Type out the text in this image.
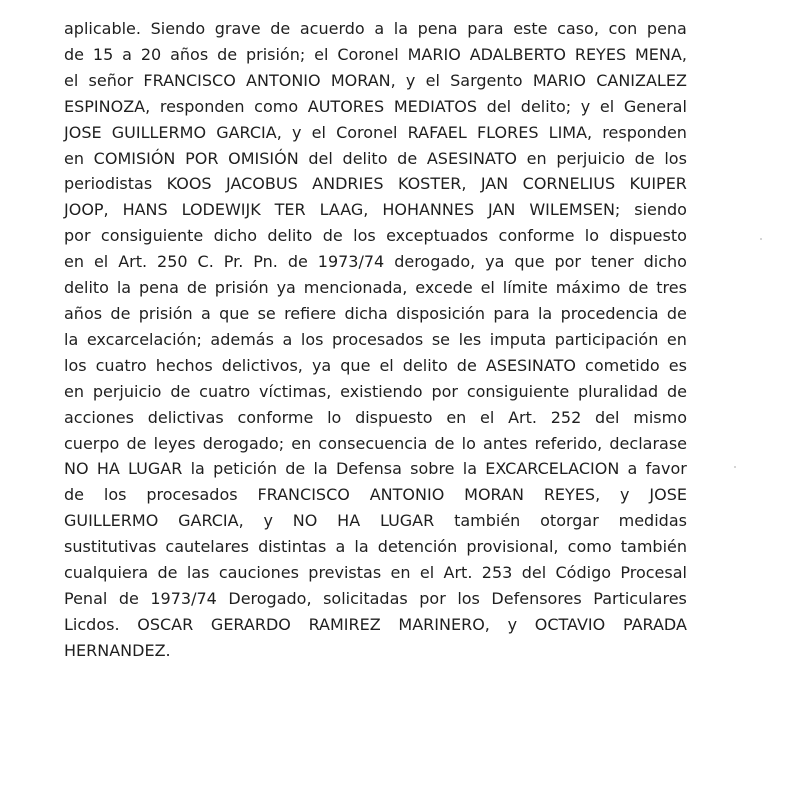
aplicable. Siendo grave de acuerdo a la pena para este caso, con pena
de 15 a 20 años de prisión; el Coronel MARIO ADALBERTO REYES MENA,
el señor FRANCISCO ANTONIO MORAN, y el Sargento MARIO CANIZALEZ
ESPINOZA, responden como AUTORES MEDIATOS del delito; y el General
JOSE GUILLERMO GARCIA, y el Coronel RAFAEL FLORES LIMA, responden
en COMISIÓN POR OMISIÓN del delito de ASESINATO en perjuicio de los
periodistas KOOS JACOBUS ANDRIES KOSTER, JAN CORNELIUS KUIPER
JOOP, HANS LODEWIJK TER LAAG, HOHANNES JAN WILEMSEN; siendo
por consiguiente dicho delito de los exceptuados conforme lo dispuesto
en el Art. 250 C. Pr. Pn. de 1973/74 derogado, ya que por tener dicho
delito la pena de prisión ya mencionada, excede el límite máximo de tres
años de prisión a que se refiere dicha disposición para la procedencia de
la excarcelación; además a los procesados se les imputa participación en
los cuatro hechos delictivos, ya que el delito de ASESINATO cometido es
en perjuicio de cuatro víctimas, existiendo por consiguiente pluralidad de
acciones delictivas conforme lo dispuesto en el Art. 252 del mismo
cuerpo de leyes derogado; en consecuencia de lo antes referido, declarase
NO HA LUGAR la petición de la Defensa sobre la EXCARCELACION a favor
de los procesados FRANCISCO ANTONIO MORAN REYES, y JOSE
GUILLERMO GARCIA, y NO HA LUGAR también otorgar medidas
sustitutivas cautelares distintas a la detención provisional, como también
cualquiera de las cauciones previstas en el Art. 253 del Código Procesal
Penal de 1973/74 Derogado, solicitadas por los Defensores Particulares
Licdos. OSCAR GERARDO RAMIREZ MARINERO, y OCTAVIO PARADA
HERNANDEZ.
